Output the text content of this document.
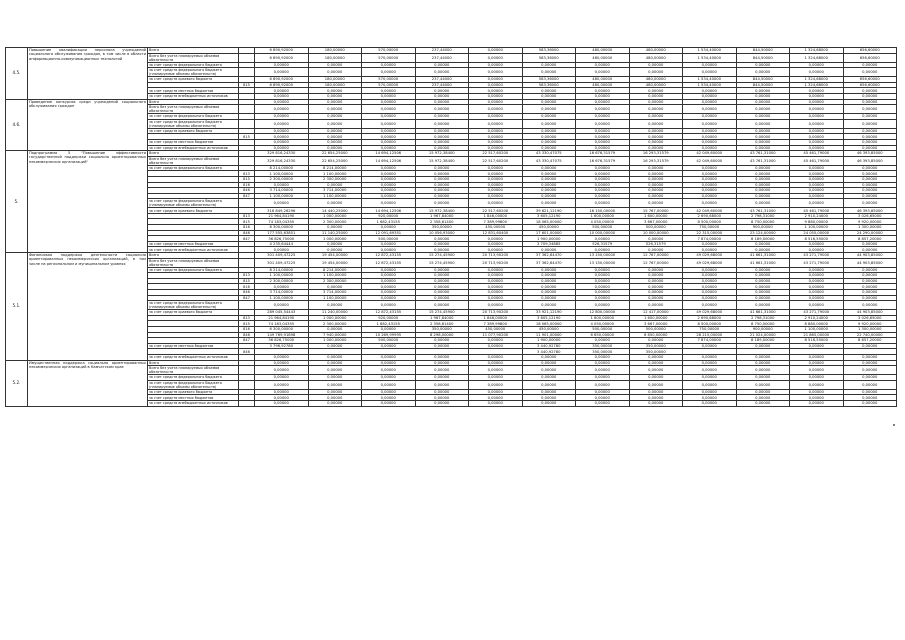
4.5.	Повышение квалификации персонала учреждений социального обслуживания граждан, в том числе в области информационно-коммуникационных технологий	Всего		6 890,92000	180,00000	570,00000	237,44000	0,00000	583,36000	480,00000	480,00000	1 534,40000	844,50000	1 324,68000	656,60000
		Всего без учета планируемых объемов обязательств		6 890,92000	180,00000	570,00000	237,44000	0,00000	583,36000	480,00000	480,00000	1 534,40000	844,50000	1 324,68000	656,60000
		за счет средств федерального бюджета		0,00000	0,00000	0,00000	0,00000	0,00000	0,00000	0,00000	0,00000	0,00000	0,00000	0,00000	0,00000
		за счет средств федерального бюджета (планируемые объемы обязательств)		0,00000	0,00000	0,00000	0,00000	0,00000	0,00000	0,00000	0,00000	0,00000	0,00000	0,00000	0,00000
		за счет средств краевого бюджета		6 890,92000	180,00000	570,00000	237,44000	0,00000	583,36000	480,00000	480,00000	1 534,40000	844,50000	1 324,68000	656,60000
			815	6 890,92000	180,00000	570,00000	237,44000	0,00000	583,36000	480,00000	480,00000	1 534,40000	844,50000	1 324,68000	656,60000
		за счет средств местных бюджетов		0,00000	0,00000	0,00000	0,00000	0,00000	0,00000	0,00000	0,00000	0,00000	0,00000	0,00000	0,00000
		за счет средств внебюджетных источников		0,00000	0,00000	0,00000	0,00000	0,00000	0,00000	0,00000	0,00000	0,00000	0,00000	0,00000	0,00000
4.6.	Проведение конкурсов среди учреждений социального обслуживания граждан	Всего		0,00000	0,00000	0,00000	0,00000	0,00000	0,00000	0,00000	0,00000	0,00000	0,00000	0,00000	0,00000
		Всего без учета планируемых объемов обязательств		0,00000	0,00000	0,00000	0,00000	0,00000	0,00000	0,00000	0,00000	0,00000	0,00000	0,00000	0,00000
		за счет средств федерального бюджета		0,00000	0,00000	0,00000	0,00000	0,00000	0,00000	0,00000	0,00000	0,00000	0,00000	0,00000	0,00000
		за счет средств федерального бюджета (планируемые объемы обязательств)		0,00000	0,00000	0,00000	0,00000	0,00000	0,00000	0,00000	0,00000	0,00000	0,00000	0,00000	0,00000
		за счет средств краевого бюджета		0,00000	0,00000	0,00000	0,00000	0,00000	0,00000	0,00000	0,00000	0,00000	0,00000	0,00000	0,00000
			815	0,00000	0,00000	0,00000	0,00000	0,00000	0,00000	0,00000	0,00000	0,00000	0,00000	0,00000	0,00000
		за счет средств местных бюджетов		0,00000	0,00000	0,00000	0,00000	0,00000	0,00000	0,00000	0,00000	0,00000	0,00000	0,00000	0,00000
		за счет средств внебюджетных источников		0,00000	0,00000	0,00000	0,00000	0,00000	0,00000	0,00000	0,00000	0,00000	0,00000	0,00000	0,00000
5.	Подпрограмма 5 "Повышение эффективности государственной поддержки социально ориентированных некоммерческих организаций"	Всего		329 816,24330	22 654,25000	14 694,12506	15 972,38400	22 517,60200	43 330,47075	16 676,31579	16 293,31579	42 049,60000	43 761,31000	45 461,79000	46 393,85000
		Всего без учета планируемых объемов обязательств		329 816,24330	22 654,25000	14 694,12506	15 972,38400	22 517,60200	43 330,47075	16 676,31579	16 293,31579	42 049,60000	43 761,31000	45 461,79000	46 393,85000
		за счет средств федерального бюджета		8 214,00000	8 214,00000	0,00000	0,00000	0,00000	0,00000	0,00000	0,00000	0,00000	0,00000	0,00000	0,00000
			813	1 100,00000	1 100,00000	0,00000	0,00000	0,00000	0,00000	0,00000	0,00000	0,00000	0,00000	0,00000	0,00000
			815	2 300,00000	2 300,00000	0,00000	0,00000	0,00000	0,00000	0,00000	0,00000	0,00000	0,00000	0,00000	0,00000
			816	0,00000	0,00000	0,00000	0,00000	0,00000	0,00000	0,00000	0,00000	0,00000	0,00000	0,00000	0,00000
			846	3 714,00000	3 714,00000	0,00000	0,00000	0,00000	0,00000	0,00000	0,00000	0,00000	0,00000	0,00000	0,00000
			847	1 100,00000	1 100,00000	0,00000	0,00000	0,00000	0,00000	0,00000	0,00000	0,00000	0,00000	0,00000	0,00000
		за счет средств федерального бюджета (планируемые объемы обязательств)		0,00000	0,00000	0,00000	0,00000	0,00000	0,00000	0,00000	0,00000	0,00000	0,00000	0,00000	0,00000
		за счет средств краевого бюджета		316 849,26296	14 440,25000	14 694,12506	15 972,38400	22 517,60200	39 621,12190	16 150,00000	15 767,00000	42 049,60000	43 761,31000	45 461,79000	46 393,85000
			813	21 964,84190	1 000,00000	920,00000	1 967,84000	1 846,00000	3 605,12190	1 600,00000	1 600,00000	2 690,68000	2 798,31000	2 910,24000	3 026,65000
			815	74 183,04355	2 300,00000	1 682,43155	2 358,61400	7 389,99800	18 065,00000	4 050,00000	3 667,00000	8 500,00000	8 750,00000	9 880,00000	9 920,00000
			816	6 300,00000	0,00000	0,00000	350,00000	450,00000	450,00000	500,00000	500,00000	750,00000	900,00000	1 100,00000	1 300,00000
			846	177 555,63851	11 140,25000	12 091,69351	10 056,93000	12 831,60400	17 601,00000	10 000,00000	10 000,00000	22 315,00000	23 124,00000	24 055,00000	24 290,00000
			847	36 826,75000	1 000,00000	500,00000	0,00000	0,00000	1 900,00000	0,00000	0,00000	7 874,00000	8 189,00000	8 516,55000	8 857,20000
		за счет средств местных бюджетов		4 235,64444	0,00000	0,00000	0,00000	0,00000	3 709,34885	526,31579	526,31579	0,00000	0,00000	0,00000	0,00000
		за счет средств внебюджетных источников		0,00000	0,00000	0,00000	0,00000	0,00000	0,00000	0,00000	0,00000	0,00000	0,00000	0,00000	0,00000
5.1.	Финансовая поддержка деятельности социально ориентированных некоммерческих организаций, в том числе на региональном и муниципальном уровнях	Всего		301 409,47225	19 454,00000	12 872,43155	15 274,45900	20 713,90200	37 362,64470	13 150,00000	12 767,00000	49 029,68000	41 661,31000	43 271,79000	44 903,85000
		Всего без учета планируемых объемов обязательств		301 409,47225	19 454,00000	12 872,43155	15 274,45900	20 713,90200	37 362,64470	13 150,00000	12 767,00000	49 029,68000	41 661,31000	43 271,79000	44 903,85000
		за счет средств федерального бюджета		8 214,00000	8 214,00000	0,00000	0,00000	0,00000	0,00000	0,00000	0,00000	0,00000	0,00000	0,00000	0,00000
			813	1 100,00000	1 100,00000	0,00000	0,00000	0,00000	0,00000	0,00000	0,00000	0,00000	0,00000	0,00000	0,00000
			815	2 300,00000	2 300,00000	0,00000	0,00000	0,00000	0,00000	0,00000	0,00000	0,00000	0,00000	0,00000	0,00000
			816	0,00000	0,00000	0,00000	0,00000	0,00000	0,00000	0,00000	0,00000	0,00000	0,00000	0,00000	0,00000
			846	3 714,00000	3 714,00000	0,00000	0,00000	0,00000	0,00000	0,00000	0,00000	0,00000	0,00000	0,00000	0,00000
			847	1 100,00000	1 100,00000	0,00000	0,00000	0,00000	0,00000	0,00000	0,00000	0,00000	0,00000	0,00000	0,00000
		за счет средств федерального бюджета (планируемые объемы обязательств)		0,00000	0,00000	0,00000	0,00000	0,00000	0,00000	0,00000	0,00000	0,00000	0,00000	0,00000	0,00000
		за счет средств краевого бюджета		289 045,54443	11 240,00000	12 872,43155	15 274,45900	20 713,90200	33 921,12190	12 800,00000	12 417,00000	49 029,68000	41 661,31000	43 271,79000	44 903,85000
			813	21 964,84190	1 000,00000	920,00000	1 967,84000	1 846,00000	3 605,12190	1 600,00000	1 600,00000	2 690,68000	2 798,31000	2 910,24000	3 026,65000
			815	74 183,04355	2 300,00000	1 682,43155	2 358,61400	7 389,99800	18 065,00000	4 050,00000	3 667,00000	8 500,00000	8 750,00000	8 880,00000	9 920,00000
			816	6 300,00000	0,00000	0,00000	350,00000	450,00000	450,00000	500,00000	500,00000	750,00000	900,00000	1 100,00000	1 300,00000
			846	149 769,91898	7 940,00000	10 269,99995	8 298,00000	11 077,90200	11 901,00000	6 650,00000	6 650,00000	28 215,00000	21 024,00000	21 865,00000	22 740,00000
			847	36 826,75000	1 000,00000	500,00000	0,00000	0,00000	1 900,00000	0,00000	0,00000	7 874,00000	8 189,00000	8 516,55000	8 857,20000
		за счет средств местных бюджетов		3 796,92780	0,00000	0,00000	0,00000	0,00000	3 440,92780	350,00000	350,00000	0,00000	0,00000	0,00000	0,00000
			846						3 440,92780	350,00000	350,00000				
		за счет средств внебюджетных источников		0,00000	0,00000	0,00000	0,00000	0,00000	0,00000	0,00000	0,00000	0,00000	0,00000	0,00000	0,00000
5.2.	Имущественная поддержка социально ориентированных некоммерческих организаций в Камчатском крае	Всего		0,00000	0,00000	0,00000	0,00000	0,00000	0,00000	0,00000	0,00000	0,00000	0,00000	0,00000	0,00000
		Всего без учета планируемых объемов обязательств		0,00000	0,00000	0,00000	0,00000	0,00000	0,00000	0,00000	0,00000	0,00000	0,00000	0,00000	0,00000
		за счет средств федерального бюджета		0,00000	0,00000	0,00000	0,00000	0,00000	0,00000	0,00000	0,00000	0,00000	0,00000	0,00000	0,00000
		за счет средств федерального бюджета (планируемые объемы обязательств)		0,00000	0,00000	0,00000	0,00000	0,00000	0,00000	0,00000	0,00000	0,00000	0,00000	0,00000	0,00000
		за счет средств краевого бюджета		0,00000	0,00000	0,00000	0,00000	0,00000	0,00000	0,00000	0,00000	0,00000	0,00000	0,00000	0,00000
		за счет средств местных бюджетов		0,00000	0,00000	0,00000	0,00000	0,00000	0,00000	0,00000	0,00000	0,00000	0,00000	0,00000	0,00000
		за счет средств внебюджетных источников		0,00000	0,00000	0,00000	0,00000	0,00000	0,00000	0,00000	0,00000	0,00000	0,00000	0,00000	0,00000
